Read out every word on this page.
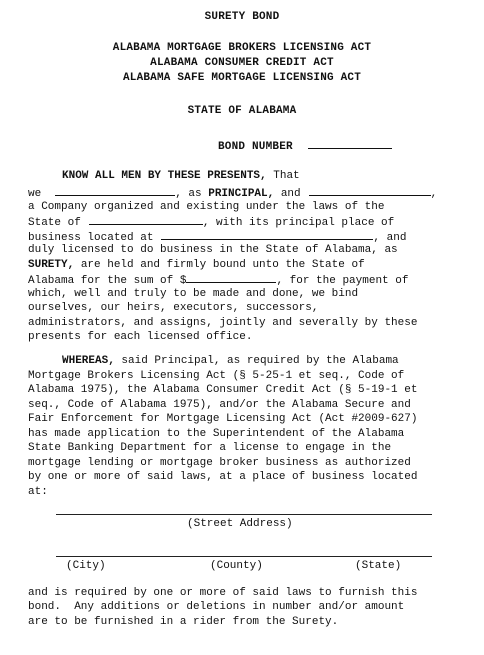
SURETY BOND
ALABAMA MORTGAGE BROKERS LICENSING ACT
ALABAMA CONSUMER CREDIT ACT
ALABAMA SAFE MORTGAGE LICENSING ACT
STATE OF ALABAMA
BOND NUMBER
KNOW ALL MEN BY THESE PRESENTS, That
we	, as PRINCIPAL, and	,
a Company organized and existing under the laws of the
State of	, with its principal place of
business located at	, and
duly licensed to do business in the State of Alabama, as
SURETY, are held and firmly bound unto the State of
Alabama for the sum of $	, for the payment of
which, well and truly to be made and done, we bind
ourselves, our heirs, executors, successors,
administrators, and assigns, jointly and severally by these
presents for each licensed office.
WHEREAS, said Principal, as required by the Alabama
Mortgage Brokers Licensing Act (§ 5-25-1 et seq., Code of
Alabama 1975), the Alabama Consumer Credit Act (§ 5-19-1 et
seq., Code of Alabama 1975), and/or the Alabama Secure and
Fair Enforcement for Mortgage Licensing Act (Act #2009-627)
has made application to the Superintendent of the Alabama
State Banking Department for a license to engage in the
mortgage lending or mortgage broker business as authorized
by one or more of said laws, at a place of business located
at:
(Street Address)
(City)	(County)	(State)
and is required by one or more of said laws to furnish this
bond.  Any additions or deletions in number and/or amount
are to be furnished in a rider from the Surety.
